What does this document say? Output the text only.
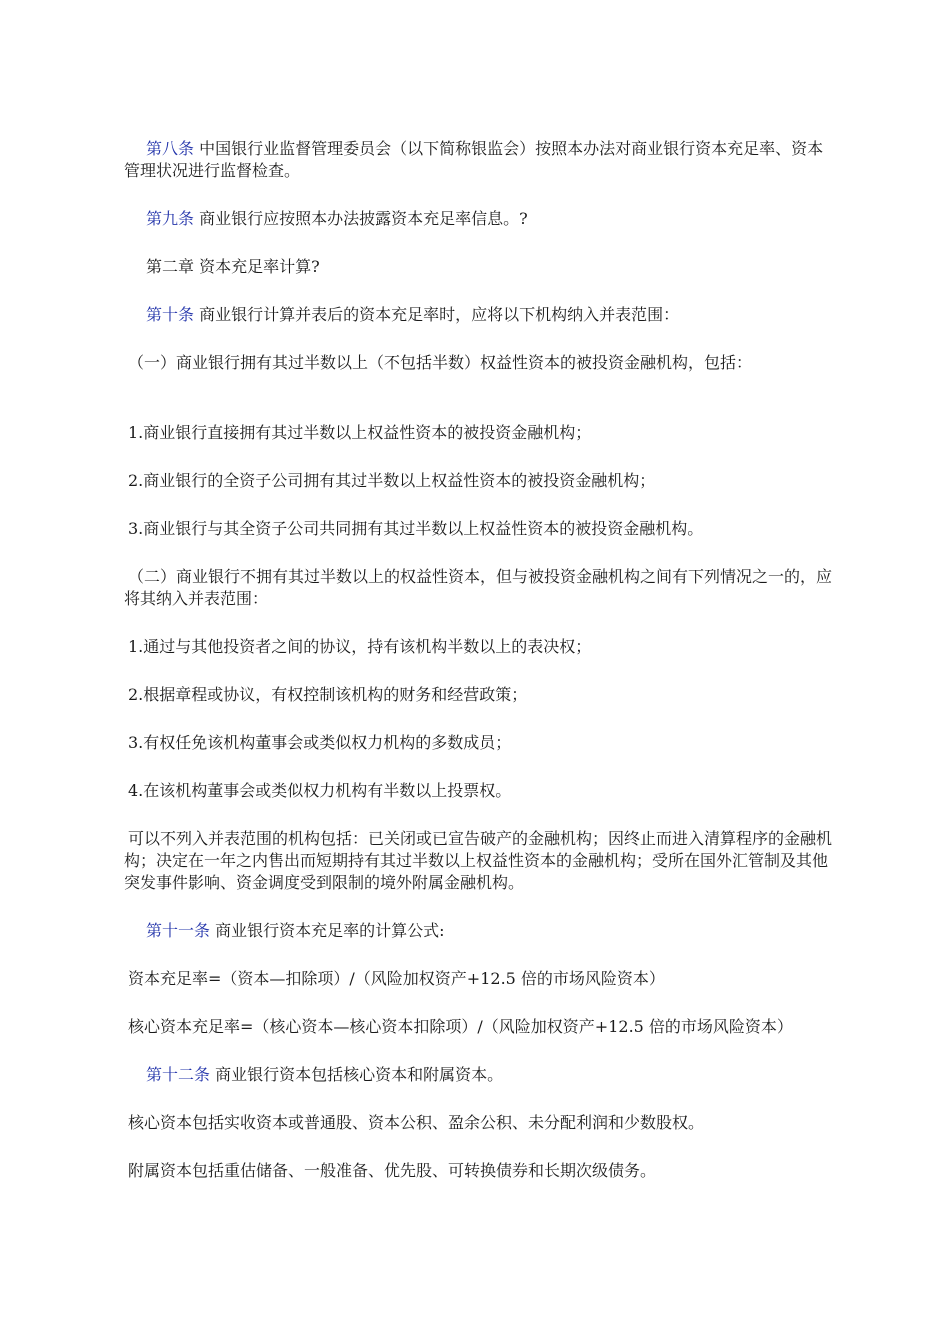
第八条 中国银行业监督管理委员会（以下简称银监会）按照本办法对商业银行资本充足率、资本管理状况进行监督检查。

第九条 商业银行应按照本办法披露资本充足率信息。?

第二章 资本充足率计算?

第十条 商业银行计算并表后的资本充足率时，应将以下机构纳入并表范围：

（一）商业银行拥有其过半数以上（不包括半数）权益性资本的被投资金融机构，包括：

1.商业银行直接拥有其过半数以上权益性资本的被投资金融机构；

2.商业银行的全资子公司拥有其过半数以上权益性资本的被投资金融机构；

3.商业银行与其全资子公司共同拥有其过半数以上权益性资本的被投资金融机构。

（二）商业银行不拥有其过半数以上的权益性资本，但与被投资金融机构之间有下列情况之一的，应将其纳入并表范围：

1.通过与其他投资者之间的协议，持有该机构半数以上的表决权；

2.根据章程或协议，有权控制该机构的财务和经营政策；

3.有权任免该机构董事会或类似权力机构的多数成员；

4.在该机构董事会或类似权力机构有半数以上投票权。

可以不列入并表范围的机构包括：已关闭或已宣告破产的金融机构；因终止而进入清算程序的金融机构；决定在一年之内售出而短期持有其过半数以上权益性资本的金融机构；受所在国外汇管制及其他突发事件影响、资金调度受到限制的境外附属金融机构。

第十一条 商业银行资本充足率的计算公式:

资本充足率=（资本—扣除项）/（风险加权资产+12.5 倍的市场风险资本）

核心资本充足率=（核心资本—核心资本扣除项）/（风险加权资产+12.5 倍的市场风险资本）

第十二条 商业银行资本包括核心资本和附属资本。

核心资本包括实收资本或普通股、资本公积、盈余公积、未分配利润和少数股权。

附属资本包括重估储备、一般准备、优先股、可转换债券和长期次级债务。
